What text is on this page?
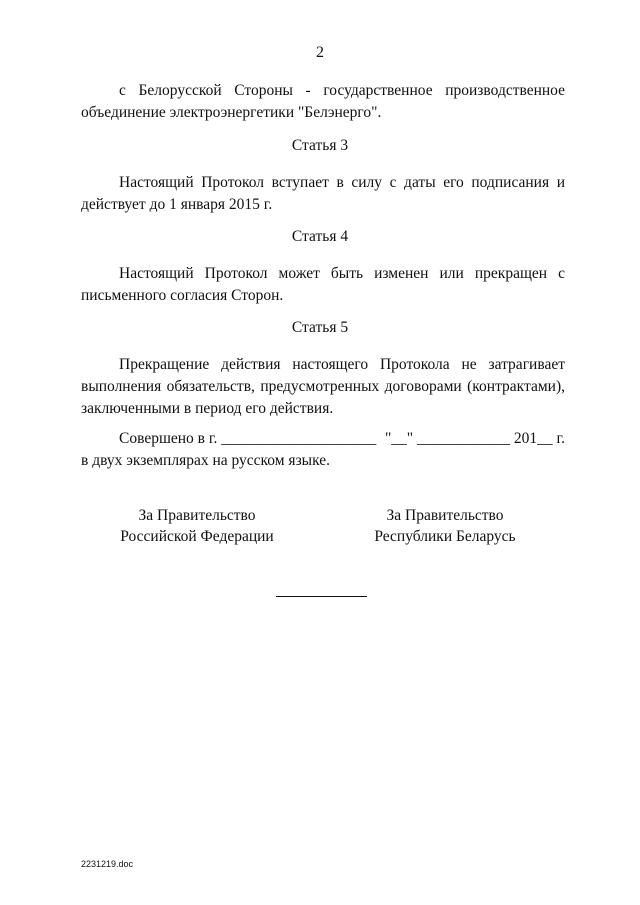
2
с Белорусской Стороны - государственное производственное объединение электроэнергетики "Белэнерго".
Статья 3
Настоящий Протокол вступает в силу с даты его подписания и действует до 1 января 2015 г.
Статья 4
Настоящий Протокол может быть изменен или прекращен с письменного согласия Сторон.
Статья 5
Прекращение действия настоящего Протокола не затрагивает выполнения обязательств, предусмотренных договорами (контрактами), заключенными в период его действия.
Совершено в г. ____________________ "__" ____________ 201__ г.
в двух экземплярах на русском языке.
За Правительство
Российской Федерации
За Правительство
Республики Беларусь
2231219.doc
